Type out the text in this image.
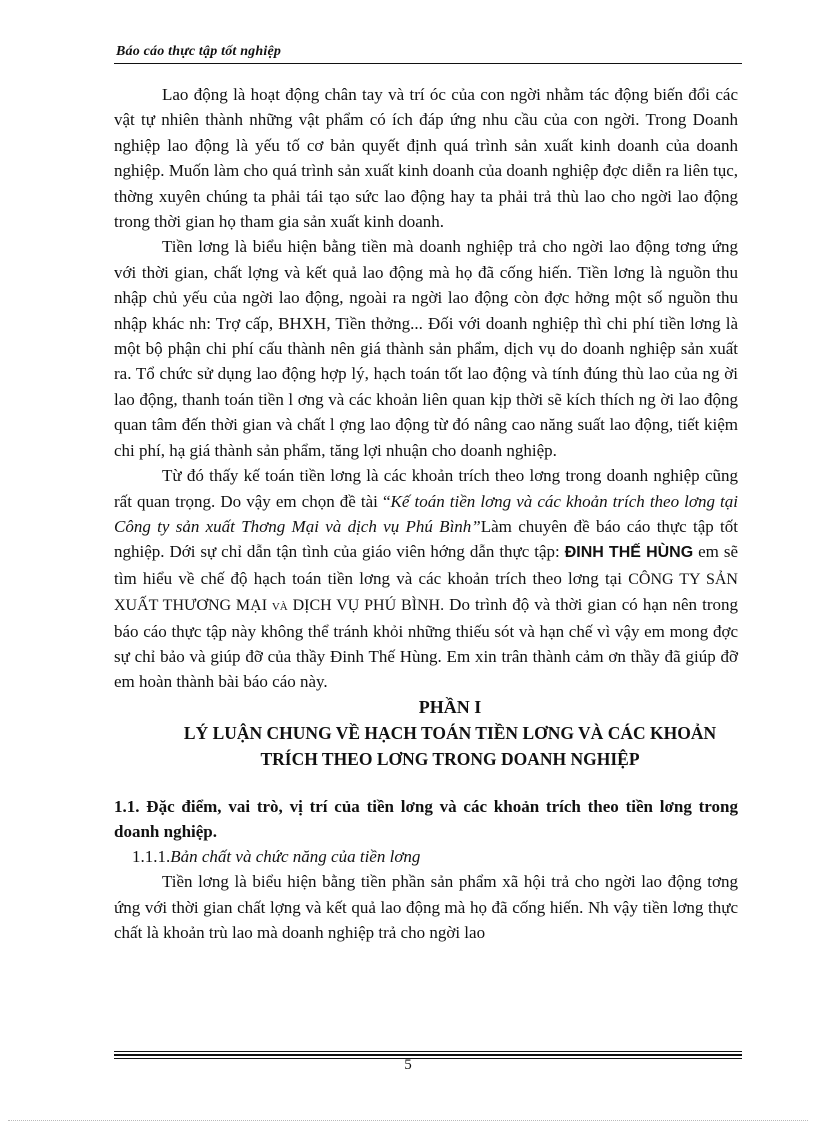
Báo cáo thực tập tốt nghiệp

Lao động là hoạt động chân tay và trí óc của con ngời nhằm tác động biến đổi các vật tự nhiên thành những vật phẩm có ích đáp ứng nhu cầu của con ngời. Trong Doanh nghiệp lao động là yếu tố cơ bản quyết định quá trình sản xuất kinh doanh của doanh nghiệp. Muốn làm cho quá trình sản xuất kinh doanh của doanh nghiệp đợc diễn ra liên tục, thờng xuyên chúng ta phải tái tạo sức lao động hay ta phải trả thù lao cho ngời lao động trong thời gian họ tham gia sản xuất kinh doanh.

Tiền lơng là biểu hiện bằng tiền mà doanh nghiệp trả cho ngời lao động tơng ứng với thời gian, chất lợng và kết quả lao động mà họ đã cống hiến. Tiền lơng là nguồn thu nhập chủ yếu của ngời lao động, ngoài ra ngời lao động còn đợc hởng một số nguồn thu nhập khác nh: Trợ cấp, BHXH, Tiền thởng... Đối với doanh nghiệp thì chi phí tiền lơng là một bộ phận chi phí cấu thành nên giá thành sản phẩm, dịch vụ do doanh nghiệp sản xuất ra. Tổ chức sử dụng lao động hợp lý, hạch toán tốt lao động và tính đúng thù lao của ng ời lao động, thanh toán tiền l ơng và các khoản liên quan kịp thời sẽ kích thích ng ời lao động quan tâm đến thời gian và chất l ợng lao động từ đó nâng cao năng suất lao động, tiết kiệm chi phí, hạ giá thành sản phẩm, tăng lợi nhuận cho doanh nghiệp.

Từ đó thấy kế toán tiền lơng là các khoản trích theo lơng trong doanh nghiệp cũng rất quan trọng. Do vậy em chọn đề tài “Kế toán tiền lơng và các khoản trích theo lơng tại Công ty sản xuất Thơng Mại và dịch vụ Phú Bình”Làm chuyên đề báo cáo thực tập tốt nghiệp. Dới sự chỉ dẫn tận tình của giáo viên hớng dẫn thực tập: ĐINH THẾ HÙNG em sẽ tìm hiểu về chế độ hạch toán tiền lơng và các khoản trích theo lơng tại CÔNG TY SẢN XUẤT THƯƠNG MẠI và DỊCH VỤ PHÚ BÌNH. Do trình độ và thời gian có hạn nên trong báo cáo thực tập này không thể tránh khỏi những thiếu sót và hạn chế vì vậy em mong đợc sự chỉ bảo và giúp đỡ của thầy Đinh Thế Hùng. Em xin trân thành cảm ơn thầy đã giúp đỡ em hoàn thành bài báo cáo này.

PHẦN I

LÝ LUẬN CHUNG VỀ HẠCH TOÁN TIỀN LƠNG VÀ CÁC KHOẢN

TRÍCH THEO LƠNG TRONG DOANH NGHIỆP

1.1. Đặc điểm, vai trò, vị trí của tiền lơng và các khoản trích theo tiền lơng trong doanh nghiệp.

1.1.1.Bản chất và chức năng của tiền lơng

Tiền lơng là biểu hiện bằng tiền phần sản phẩm xã hội trả cho ngời lao động tơng ứng với thời gian chất lợng và kết quả lao động mà họ đã cống hiến. Nh vậy tiền lơng thực chất là khoản trù lao mà doanh nghiệp trả cho ngời lao

5
